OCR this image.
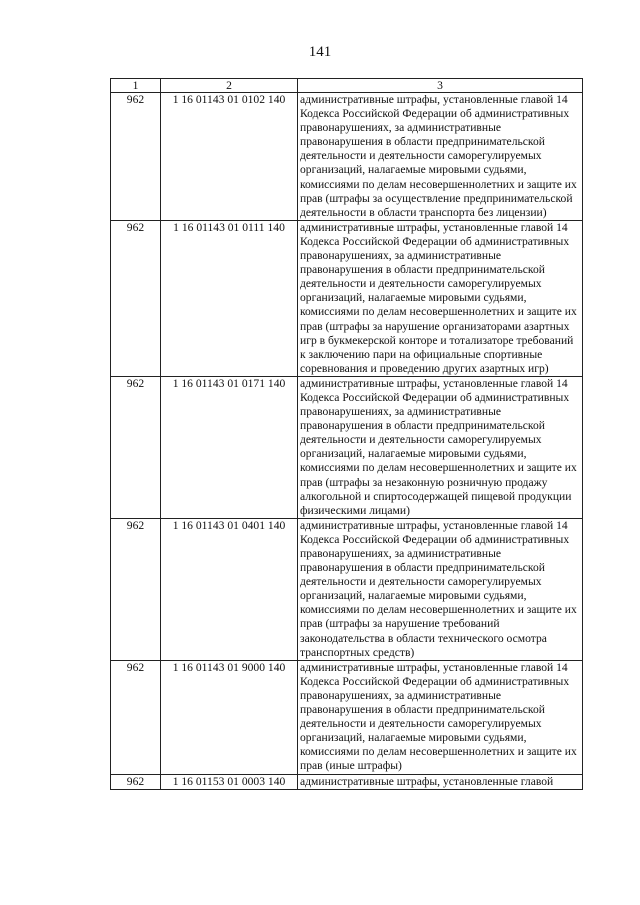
141
1	2	3
962	1 16 01143 01 0102 140	административные штрафы, установленные главой 14 Кодекса Российской Федерации об административных правонарушениях, за административные правонарушения в области предпринимательской деятельности и деятельности саморегулируемых организаций, налагаемые мировыми судьями, комиссиями по делам несовершеннолетних и защите их прав (штрафы за осуществление предпринимательской деятельности в области транспорта без лицензии)
962	1 16 01143 01 0111 140	административные штрафы, установленные главой 14 Кодекса Российской Федерации об административных правонарушениях, за административные правонарушения в области предпринимательской деятельности и деятельности саморегулируемых организаций, налагаемые мировыми судьями, комиссиями по делам несовершеннолетних и защите их прав (штрафы за нарушение организаторами азартных игр в букмекерской конторе и тотализаторе требований к заключению пари на официальные спортивные соревнования и проведению других азартных игр)
962	1 16 01143 01 0171 140	административные штрафы, установленные главой 14 Кодекса Российской Федерации об административных правонарушениях, за административные правонарушения в области предпринимательской деятельности и деятельности саморегулируемых организаций, налагаемые мировыми судьями, комиссиями по делам несовершеннолетних и защите их прав (штрафы за незаконную розничную продажу алкогольной и спиртосодержащей пищевой продукции физическими лицами)
962	1 16 01143 01 0401 140	административные штрафы, установленные главой 14 Кодекса Российской Федерации об административных правонарушениях, за административные правонарушения в области предпринимательской деятельности и деятельности саморегулируемых организаций, налагаемые мировыми судьями, комиссиями по делам несовершеннолетних и защите их прав (штрафы за нарушение требований законодательства в области технического осмотра транспортных средств)
962	1 16 01143 01 9000 140	административные штрафы, установленные главой 14 Кодекса Российской Федерации об административных правонарушениях, за административные правонарушения в области предпринимательской деятельности и деятельности саморегулируемых организаций, налагаемые мировыми судьями, комиссиями по делам несовершеннолетних и защите их прав (иные штрафы)
962	1 16 01153 01 0003 140	административные штрафы, установленные главой
